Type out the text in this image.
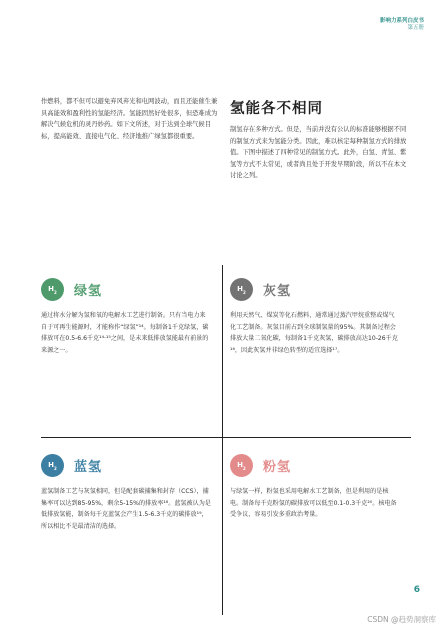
影响力系列白皮书
第五册
作燃料，都不但可以避免弃风弃光和电网波动，而且还能催生兼具高能效和盈利性的氢能经济。氢能固然好处很多，但恐难成为解决气候危机的灵丹妙药。如下文所述，对于达到全球气候目标，提高能效、直接电气化、经济地推广绿氢都很重要。
氢能各不相同
制氢存在多种方式。但是，当前并没有公认的标准能够根据不同的制氢方式来为氢能分类。因此，难以核定每种制氢方式的排放值。下图中描述了四种常见的制氢方式。此外，白氢、青氢、紫氢等方式不太常见，或者尚且处于开发早期阶段，所以不在本文讨论之列。
H 2 绿氢
通过将水分解为氢和氧的电解水工艺进行制备。只有当电力来自于可再生能源时，才能称作“绿氢”¹⁴。每制备1千克绿氢，碳排放可在0.5-6.6千克¹⁴·¹⁵之间，是未来低排放氢能最有前景的来源之一。
H 2 灰氢
利用天然气、煤炭等化石燃料，通常通过蒸汽甲烷重整或煤气化工艺制备。灰氢目前占到全球制氢量的95%。其制备过程会排放大量二氧化碳，每制备1千克灰氢，碳排放高达10-26千克¹⁶，因此灰氢并非绿色转型的适宜选择¹⁷。
H 2 蓝氢
蓝氢制备工艺与灰氢相同，但是配套碳捕集和封存（CCS），捕集率可以达到85-95%，剩余5-15%的排放率¹⁸。蓝氢被认为是低排放氢能，制备每千克蓝氢会产生1.5-6.3千克的碳排放¹⁹，所以相比不是最清洁的选择。
H 2 粉氢
与绿氢一样，粉氢也采用电解水工艺制备，但是利用的是核电。制备每千克粉氢的碳排放可以低至0.1-0.3千克²⁰。核电备受争议，容易引发多重政治考量。
6
CSDN @趋势洞察库
